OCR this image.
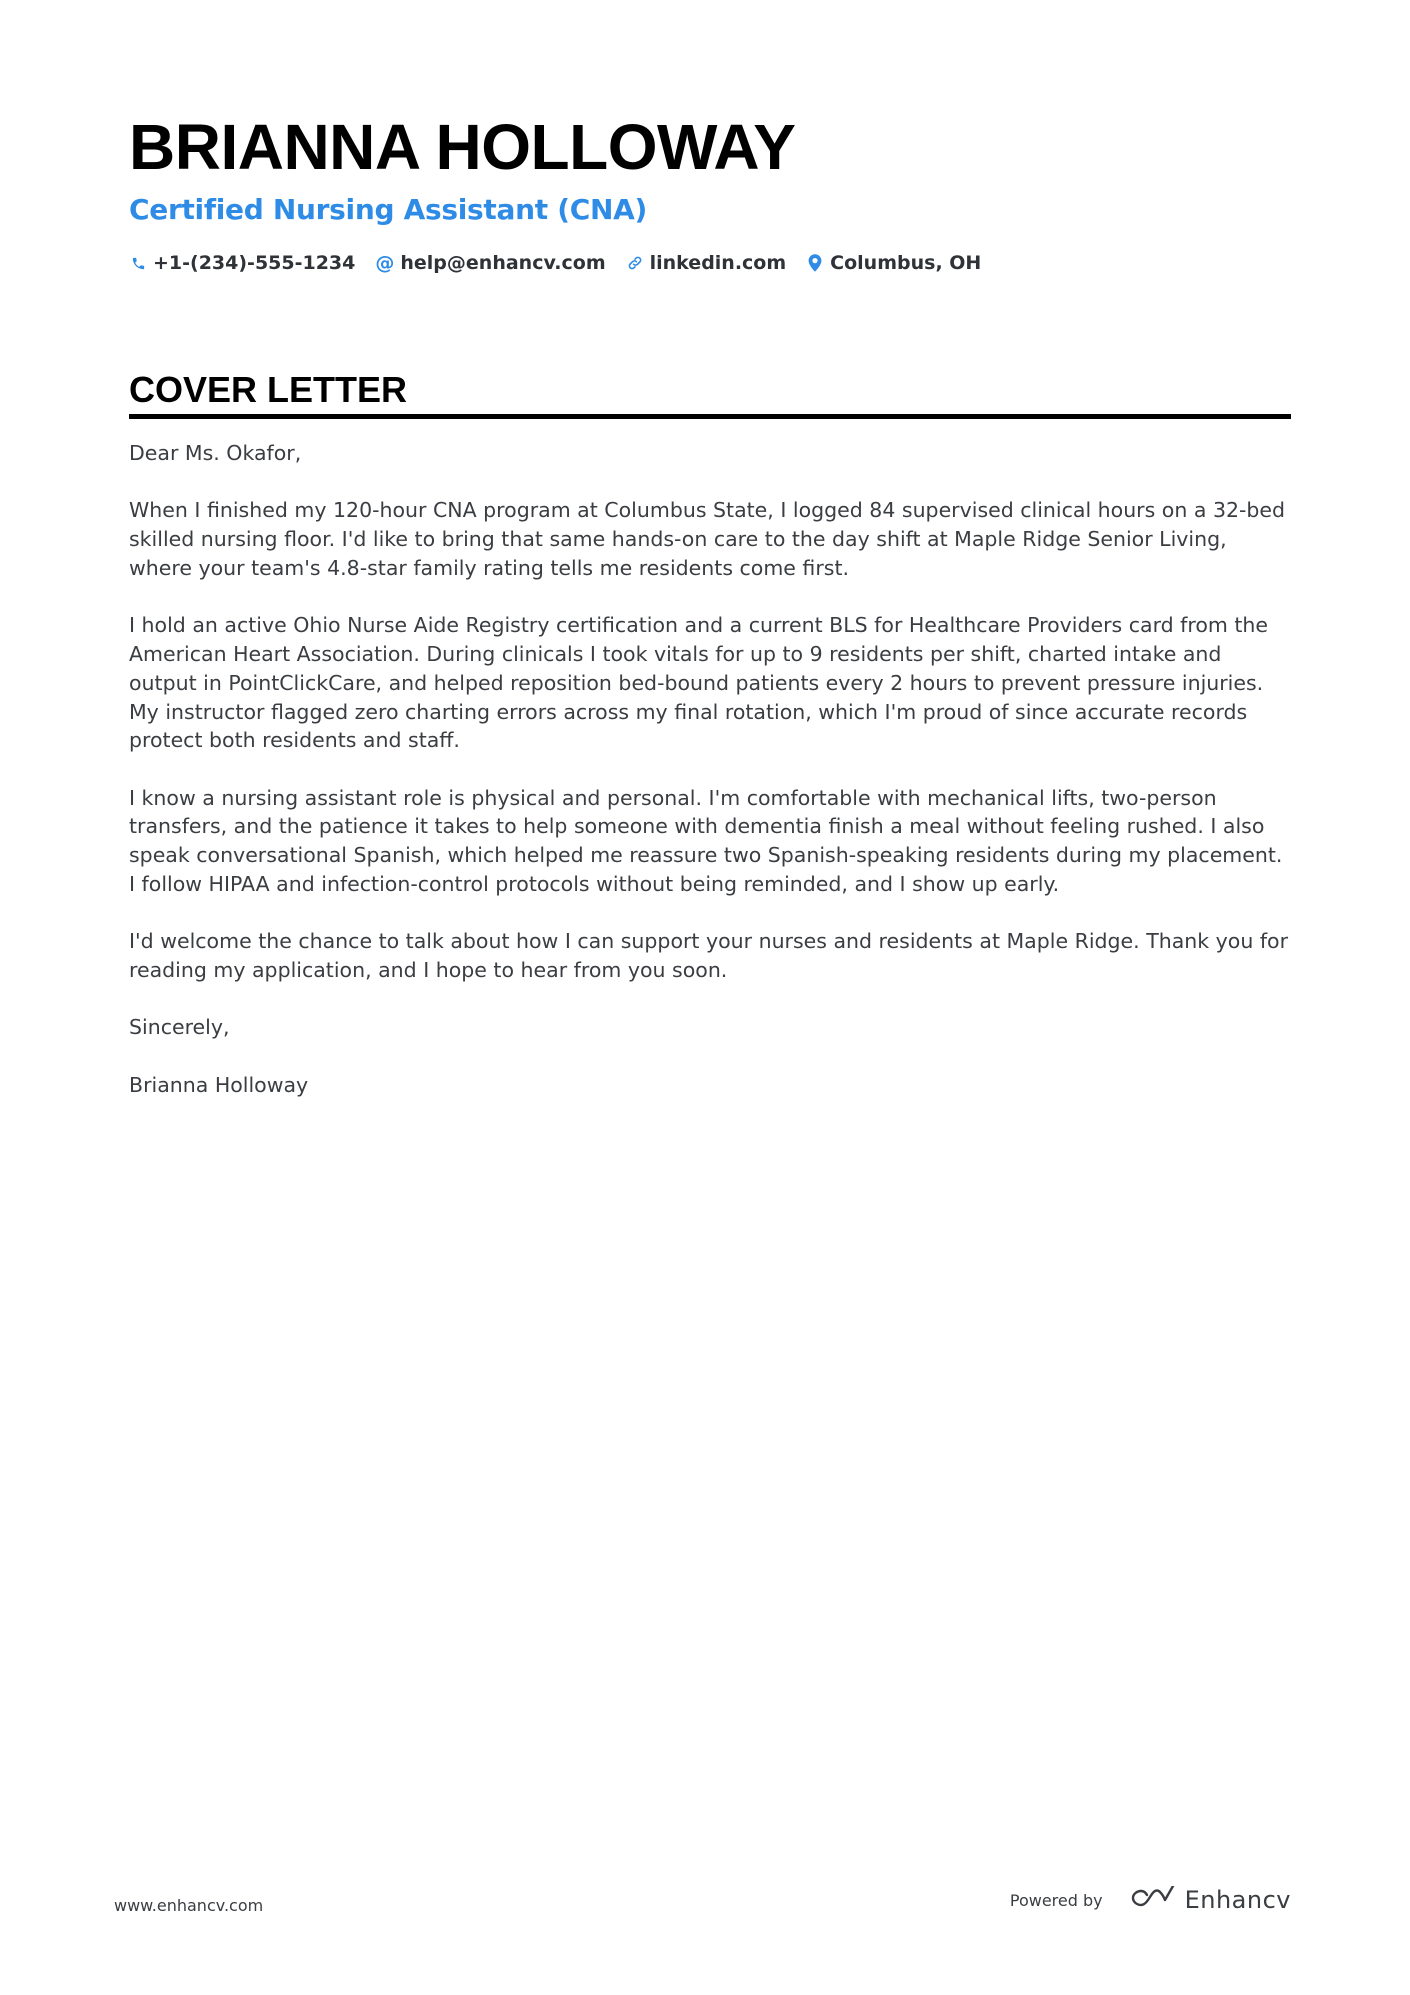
BRIANNA HOLLOWAY
Certified Nursing Assistant (CNA)
+1-(234)-555-1234 @ help@enhancv.com linkedin.com Columbus, OH
COVER LETTER

Dear Ms. Okafor,

When I finished my 120-hour CNA program at Columbus State, I logged 84 supervised clinical hours on a 32-bed skilled nursing floor. I'd like to bring that same hands-on care to the day shift at Maple Ridge Senior Living, where your team's 4.8-star family rating tells me residents come first.

I hold an active Ohio Nurse Aide Registry certification and a current BLS for Healthcare Providers card from the American Heart Association. During clinicals I took vitals for up to 9 residents per shift, charted intake and output in PointClickCare, and helped reposition bed-bound patients every 2 hours to prevent pressure injuries. My instructor flagged zero charting errors across my final rotation, which I'm proud of since accurate records protect both residents and staff.

I know a nursing assistant role is physical and personal. I'm comfortable with mechanical lifts, two-person transfers, and the patience it takes to help someone with dementia finish a meal without feeling rushed. I also speak conversational Spanish, which helped me reassure two Spanish-speaking residents during my placement. I follow HIPAA and infection-control protocols without being reminded, and I show up early.

I'd welcome the chance to talk about how I can support your nurses and residents at Maple Ridge. Thank you for reading my application, and I hope to hear from you soon.

Sincerely,

Brianna Holloway

www.enhancv.com	Powered by	Enhancv
